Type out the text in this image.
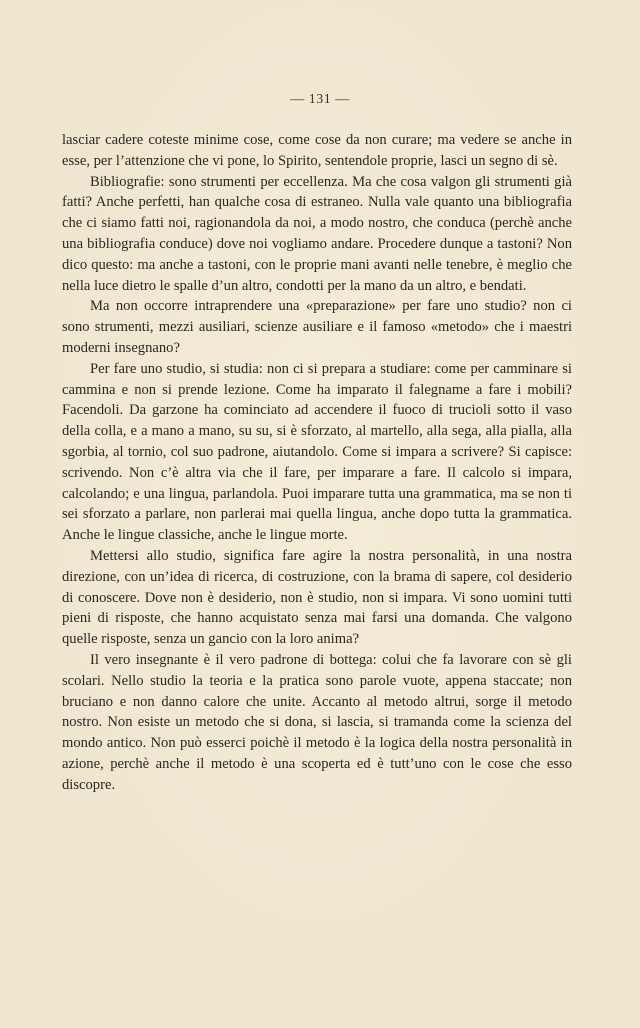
— 131 —

lasciar cadere coteste minime cose, come cose da non curare; ma vedere se anche in esse, per l’attenzione che vi pone, lo Spirito, sentendole proprie, lasci un segno di sè.

Bibliografie: sono strumenti per eccellenza. Ma che cosa valgon gli strumenti già fatti? Anche perfetti, han qualche cosa di estraneo. Nulla vale quanto una bibliografia che ci siamo fatti noi, ragionandola da noi, a modo nostro, che conduca (perchè anche una bibliografia conduce) dove noi vogliamo andare. Procedere dunque a tastoni? Non dico questo: ma anche a tastoni, con le proprie mani avanti nelle tenebre, è meglio che nella luce dietro le spalle d’un altro, condotti per la mano da un altro, e bendati.

Ma non occorre intraprendere una «preparazione» per fare uno studio? non ci sono strumenti, mezzi ausiliari, scienze ausiliare e il famoso «metodo» che i maestri moderni insegnano?

Per fare uno studio, si studia: non ci si prepara a studiare: come per camminare si cammina e non si prende lezione. Come ha imparato il falegname a fare i mobili? Facendoli. Da garzone ha cominciato ad accendere il fuoco di trucioli sotto il vaso della colla, e a mano a mano, su su, si è sforzato, al martello, alla sega, alla pialla, alla sgorbia, al tornio, col suo padrone, aiutandolo. Come si impara a scrivere? Si capisce: scrivendo. Non c’è altra via che il fare, per imparare a fare. Il calcolo si impara, calcolando; e una lingua, parlandola. Puoi imparare tutta una grammatica, ma se non ti sei sforzato a parlare, non parlerai mai quella lingua, anche dopo tutta la grammatica. Anche le lingue classiche, anche le lingue morte.

Mettersi allo studio, significa fare agire la nostra personalità, in una nostra direzione, con un’idea di ricerca, di costruzione, con la brama di sapere, col desiderio di conoscere. Dove non è desiderio, non è studio, non si impara. Vi sono uomini tutti pieni di risposte, che hanno acquistato senza mai farsi una domanda. Che valgono quelle risposte, senza un gancio con la loro anima?

Il vero insegnante è il vero padrone di bottega: colui che fa lavorare con sè gli scolari. Nello studio la teoria e la pratica sono parole vuote, appena staccate; non bruciano e non danno calore che unite. Accanto al metodo altrui, sorge il metodo nostro. Non esiste un metodo che si dona, si lascia, si tramanda come la scienza del mondo antico. Non può esserci poichè il metodo è la logica della nostra personalità in azione, perchè anche il metodo è una scoperta ed è tutt’uno con le cose che esso discopre.
